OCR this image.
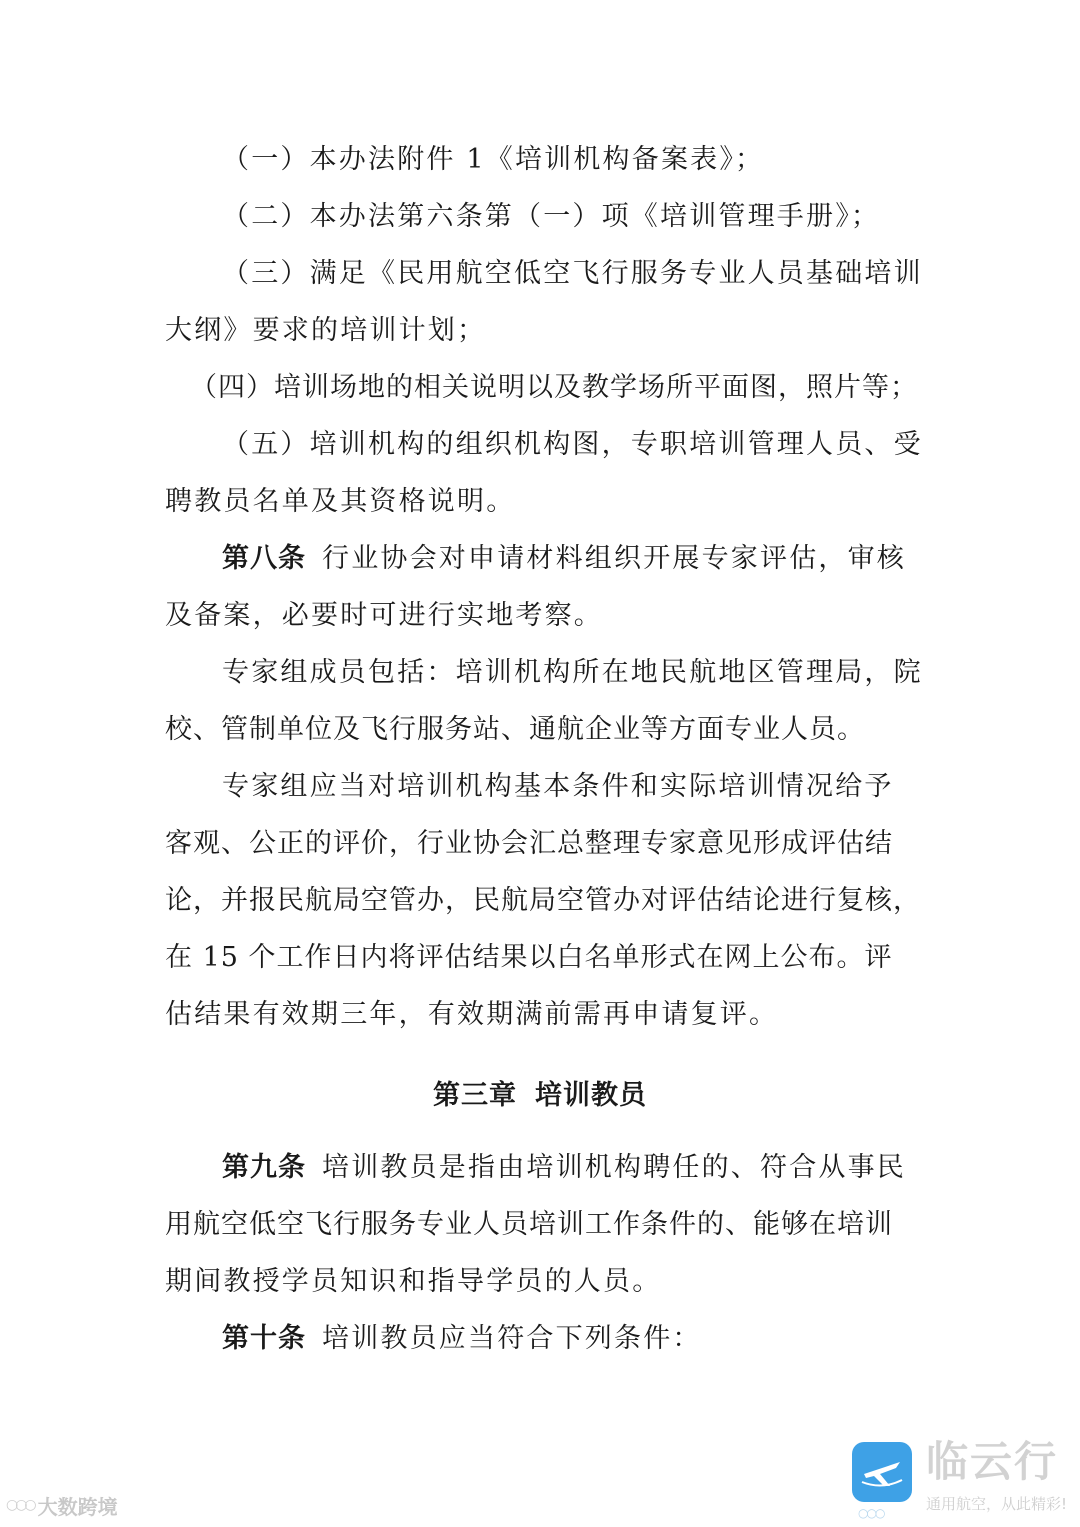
（一）本办法附件 1《培训机构备案表》；
（二）本办法第六条第（一）项《培训管理手册》；
（三）满足《民用航空低空飞行服务专业人员基础培训
大纲》要求的培训计划；
（四）培训场地的相关说明以及教学场所平面图，照片等；
（五）培训机构的组织机构图，专职培训管理人员、受
聘教员名单及其资格说明。
第八条 行业协会对申请材料组织开展专家评估，审核
及备案，必要时可进行实地考察。
专家组成员包括：培训机构所在地民航地区管理局，院
校、管制单位及飞行服务站、通航企业等方面专业人员。
专家组应当对培训机构基本条件和实际培训情况给予
客观、公正的评价，行业协会汇总整理专家意见形成评估结
论，并报民航局空管办，民航局空管办对评估结论进行复核，
在 15 个工作日内将评估结果以白名单形式在网上公布。评
估结果有效期三年，有效期满前需再申请复评。
第三章 培训教员
第九条 培训教员是指由培训机构聘任的、符合从事民
用航空低空飞行服务专业人员培训工作条件的、能够在培训
期间教授学员知识和指导学员的人员。
第十条 培训教员应当符合下列条件：
○○○ 大数跨境	○○○
临云行
通用航空，从此精彩!
